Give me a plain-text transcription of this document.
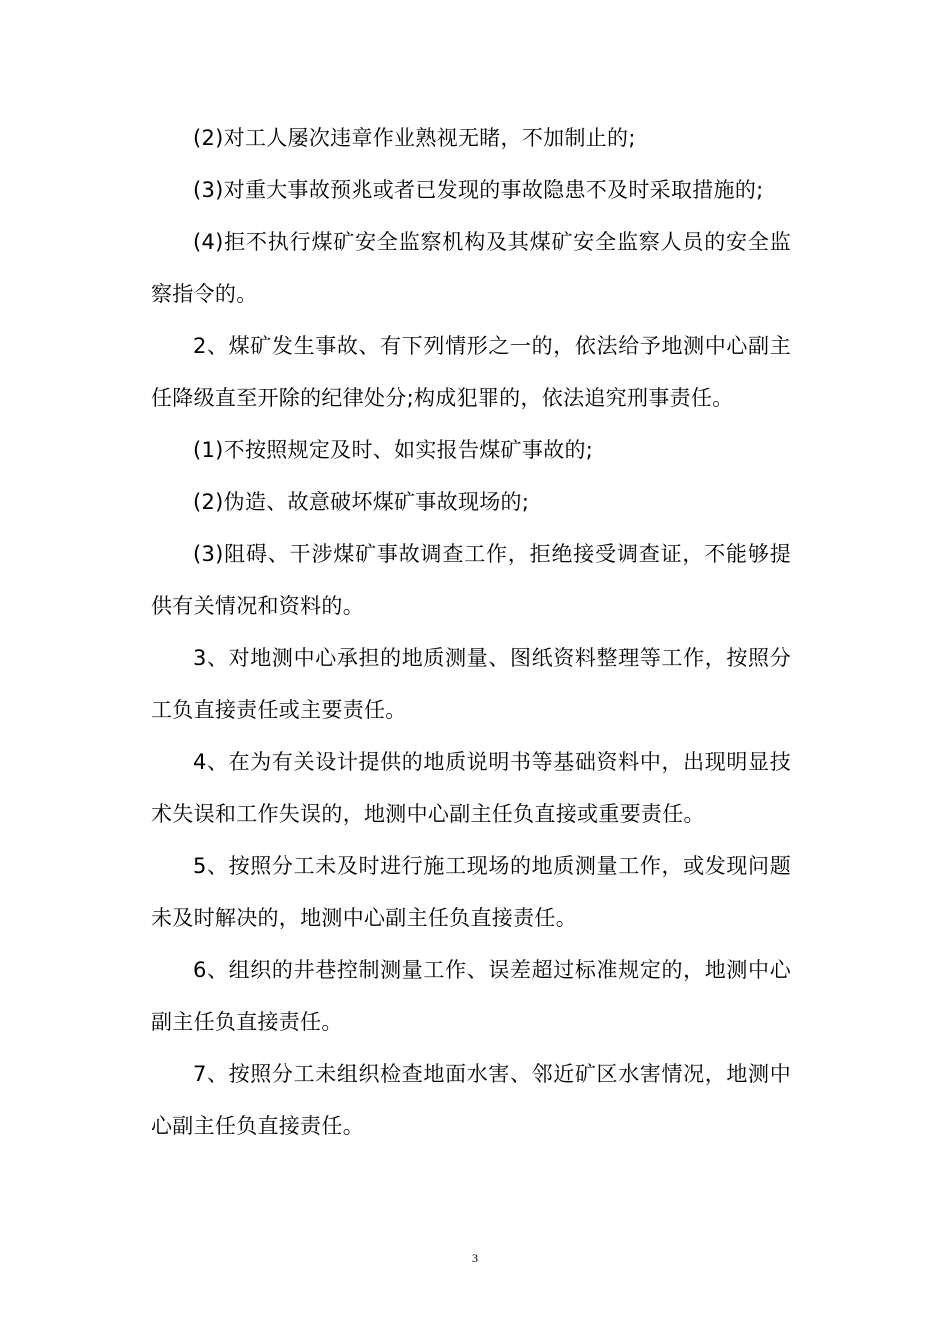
(2)对工人屡次违章作业熟视无睹，不加制止的;

(3)对重大事故预兆或者已发现的事故隐患不及时采取措施的;

(4)拒不执行煤矿安全监察机构及其煤矿安全监察人员的安全监察指令的。

2、煤矿发生事故、有下列情形之一的，依法给予地测中心副主任降级直至开除的纪律处分;构成犯罪的，依法追究刑事责任。

(1)不按照规定及时、如实报告煤矿事故的;

(2)伪造、故意破坏煤矿事故现场的;

(3)阻碍、干涉煤矿事故调查工作，拒绝接受调查证，不能够提供有关情况和资料的。

3、对地测中心承担的地质测量、图纸资料整理等工作，按照分工负直接责任或主要责任。

4、在为有关设计提供的地质说明书等基础资料中，出现明显技术失误和工作失误的，地测中心副主任负直接或重要责任。

5、按照分工未及时进行施工现场的地质测量工作，或发现问题未及时解决的，地测中心副主任负直接责任。

6、组织的井巷控制测量工作、误差超过标准规定的，地测中心副主任负直接责任。

7、按照分工未组织检查地面水害、邻近矿区水害情况，地测中心副主任负直接责任。

3
